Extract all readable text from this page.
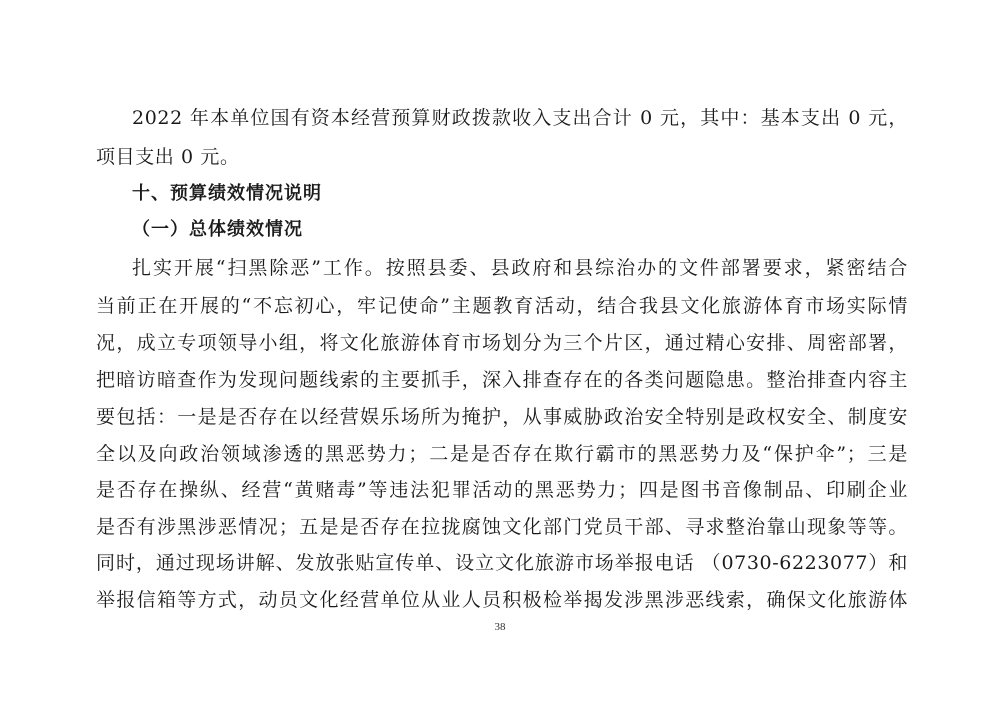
2022 年本单位国有资本经营预算财政拨款收入支出合计 0 元，其中：基本支出 0 元，
项目支出 0 元。
十、预算绩效情况说明
（一）总体绩效情况
扎实开展“扫黑除恶”工作。按照县委、县政府和县综治办的文件部署要求，紧密结合
当前正在开展的“不忘初心，牢记使命”主题教育活动，结合我县文化旅游体育市场实际情
况，成立专项领导小组，将文化旅游体育市场划分为三个片区，通过精心安排、周密部署，
把暗访暗查作为发现问题线索的主要抓手，深入排查存在的各类问题隐患。整治排查内容主
要包括：一是是否存在以经营娱乐场所为掩护，从事威胁政治安全特别是政权安全、制度安
全以及向政治领域渗透的黑恶势力；二是是否存在欺行霸市的黑恶势力及“保护伞”；三是
是否存在操纵、经营“黄赌毒”等违法犯罪活动的黑恶势力；四是图书音像制品、印刷企业
是否有涉黑涉恶情况；五是是否存在拉拢腐蚀文化部门党员干部、寻求整治靠山现象等等。
同时，通过现场讲解、发放张贴宣传单、设立文化旅游市场举报电话 （0730-6223077）和
举报信箱等方式，动员文化经营单位从业人员积极检举揭发涉黑涉恶线索，确保文化旅游体
38
